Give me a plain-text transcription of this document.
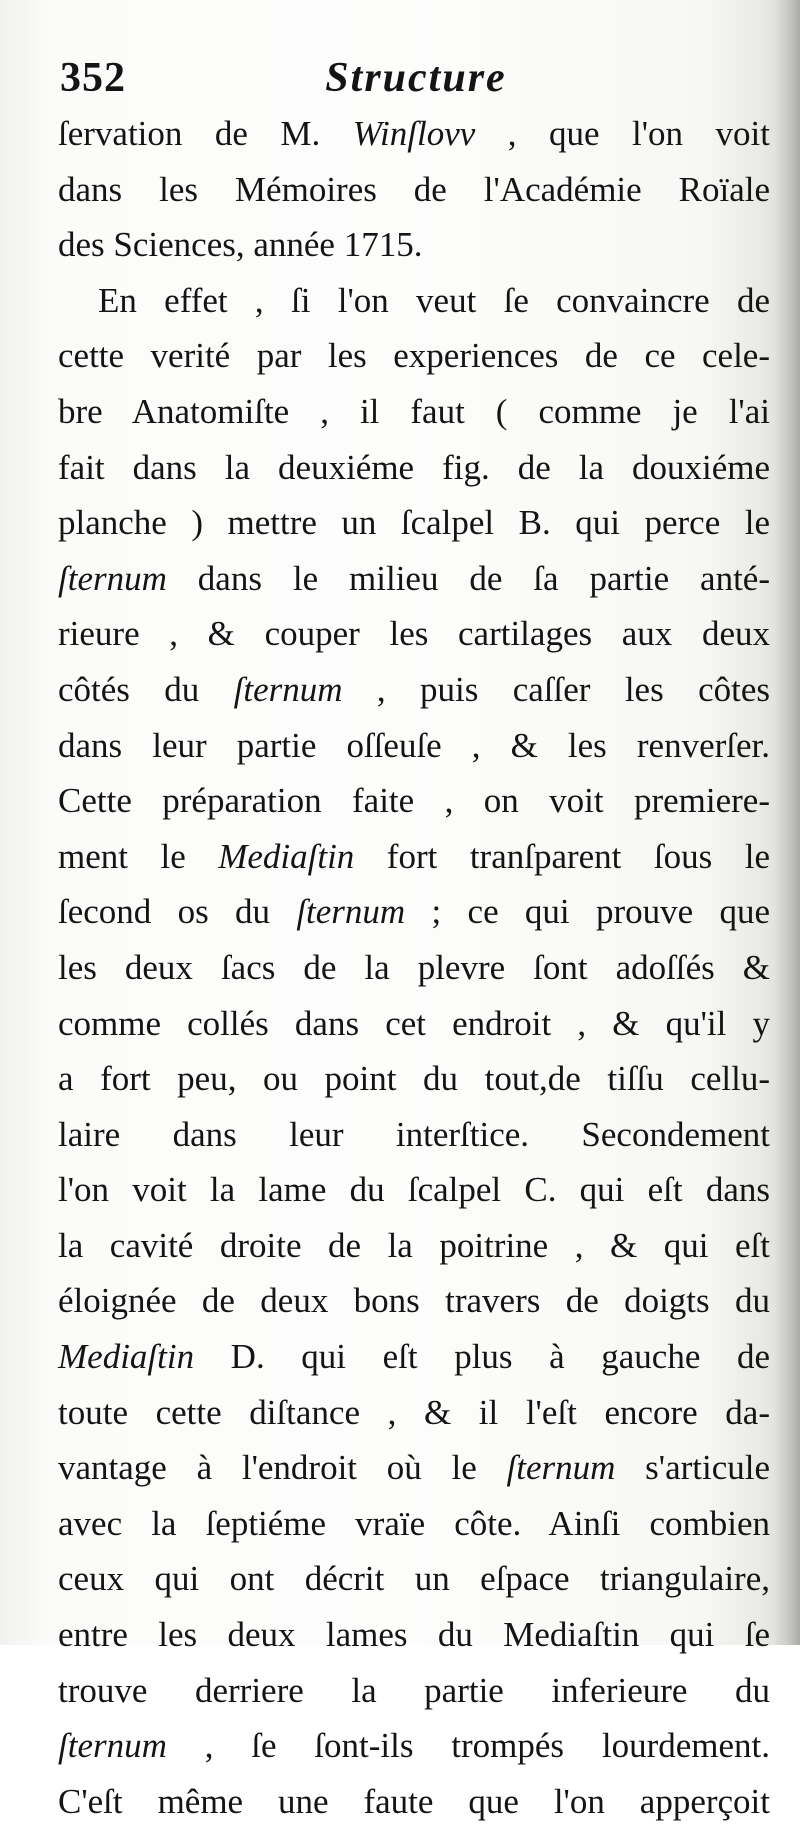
352	Structure
ſervation de M. Winſlovv , que l'on voit
dans les Mémoires de l'Académie Roïale
des Sciences, année 1715.
En effet , ſi l'on veut ſe convaincre de
cette verité par les experiences de ce cele-
bre Anatomiſte , il faut ( comme je l'ai
fait dans la deuxiéme fig. de la douxiéme
planche ) mettre un ſcalpel B. qui perce le
ſternum dans le milieu de ſa partie anté-
rieure , & couper les cartilages aux deux
côtés du ſternum , puis caſſer les côtes
dans leur partie oſſeuſe , & les renverſer.
Cette préparation faite , on voit premiere-
ment le Mediaſtin fort tranſparent ſous le
ſecond os du ſternum ; ce qui prouve que
les deux ſacs de la plevre ſont adoſſés &
comme collés dans cet endroit , & qu'il y
a fort peu, ou point du tout,de tiſſu cellu-
laire dans leur interſtice. Secondement
l'on voit la lame du ſcalpel C. qui eſt dans
la cavité droite de la poitrine , & qui eſt
éloignée de deux bons travers de doigts du
Mediaſtin D. qui eſt plus à gauche de
toute cette diſtance , & il l'eſt encore da-
vantage à l'endroit où le ſternum s'articule
avec la ſeptiéme vraïe côte. Ainſi combien
ceux qui ont décrit un eſpace triangulaire,
entre les deux lames du Mediaſtin qui ſe
trouve derriere la partie inferieure du
ſternum , ſe ſont-ils trompés lourdement.
C'eſt même une faute que l'on apperçoit
